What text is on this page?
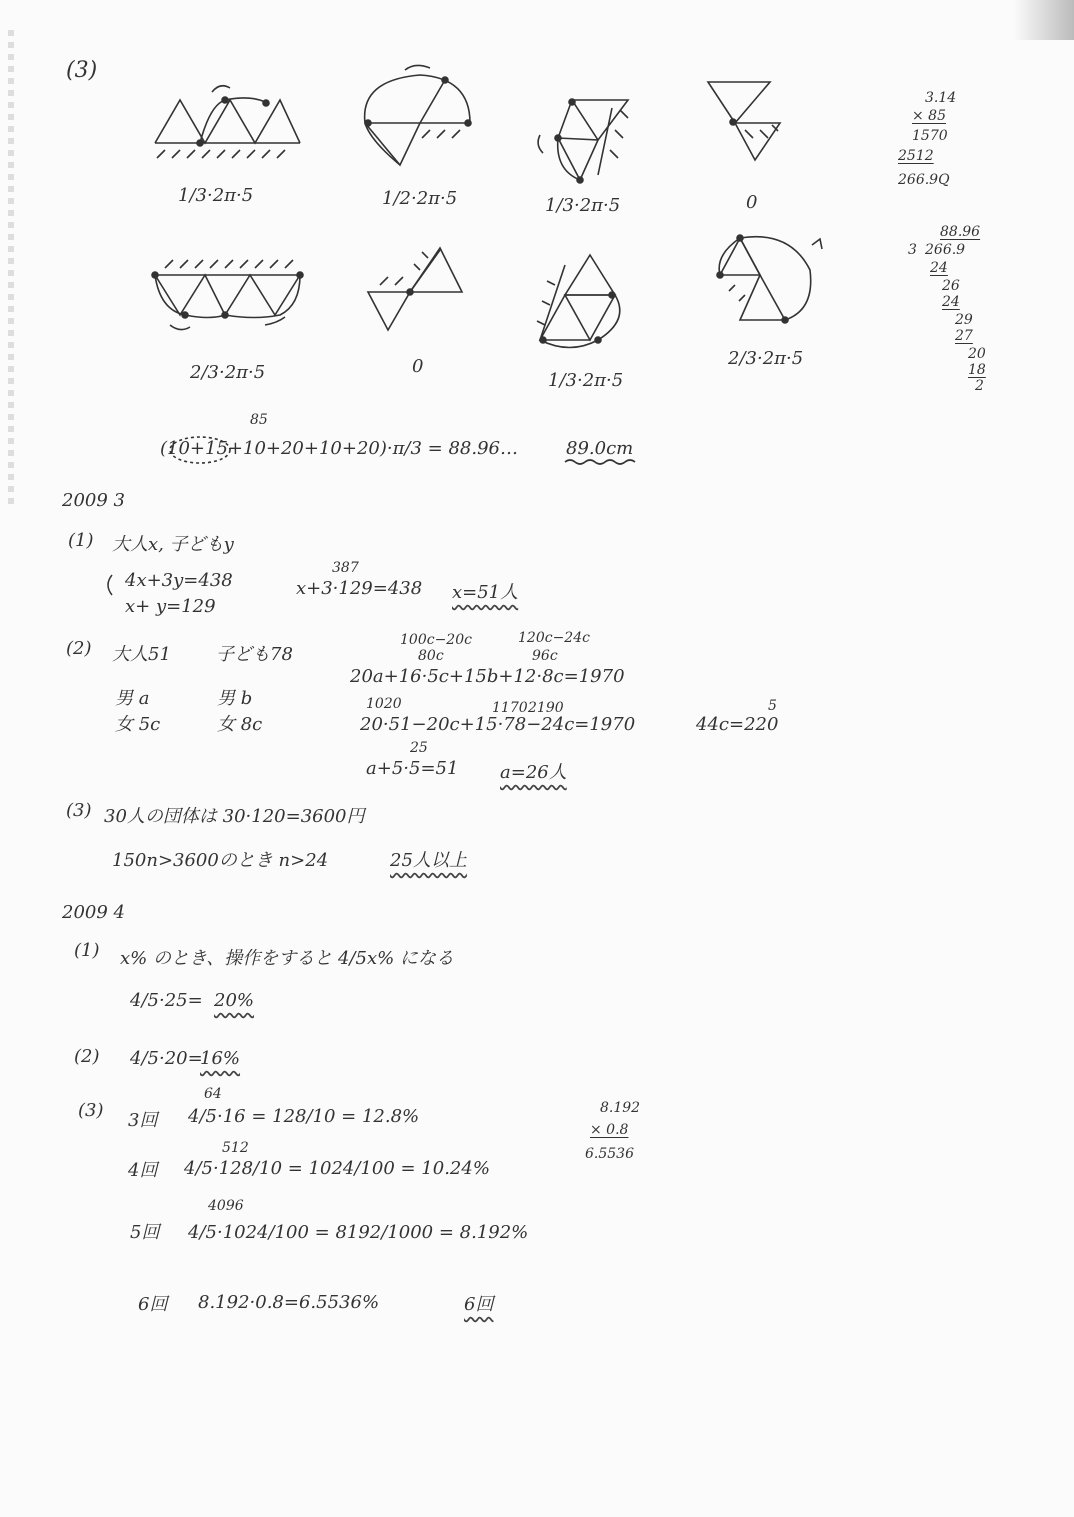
(3)
1/3·2π·5	1/2·2π·5	1/3·2π·5	0
2/3·2π·5	0
1/3·2π·5
2/3·2π·5
3.14
× 85
1570
2512
266.9Q
88.96
3 266.9
24
26
24
29
27
20
18
2
85
(10+15+10+20+10+20)·π/3 = 88.96…	89.0cm
2009 3
(1) 大人x, 子どもy
4x+3y=438
x+ y=129
387
x+3·129=438 x=51人
(2) 大人51	子ども78
男 a
女 5c
男 b
女 8c
100c−20c
80c
120c−24c
96c
20a+16·5c+15b+12·8c=1970
1020	1170 2190
20·51−20c+15·78−24c=1970
5
44c=220
25
a+5·5=51 a=26人
(3) 30人の団体は 30·120=3600円
150n>3600のとき n>24	25人以上
2009 4
(1) x% のとき、操作をすると 4/5x% になる
4/5·25= 20%
(2) 4/5·20=
16%
(3) 3回
64
4/5·16 = 128/10 = 12.8%
4回
512
4/5·128/10 = 1024/100 = 10.24%
5回
4096
4/5·1024/100 = 8192/1000 = 8.192%
6回 8.192·0.8=6.5536%	6回
8.192
× 0.8
6.5536
